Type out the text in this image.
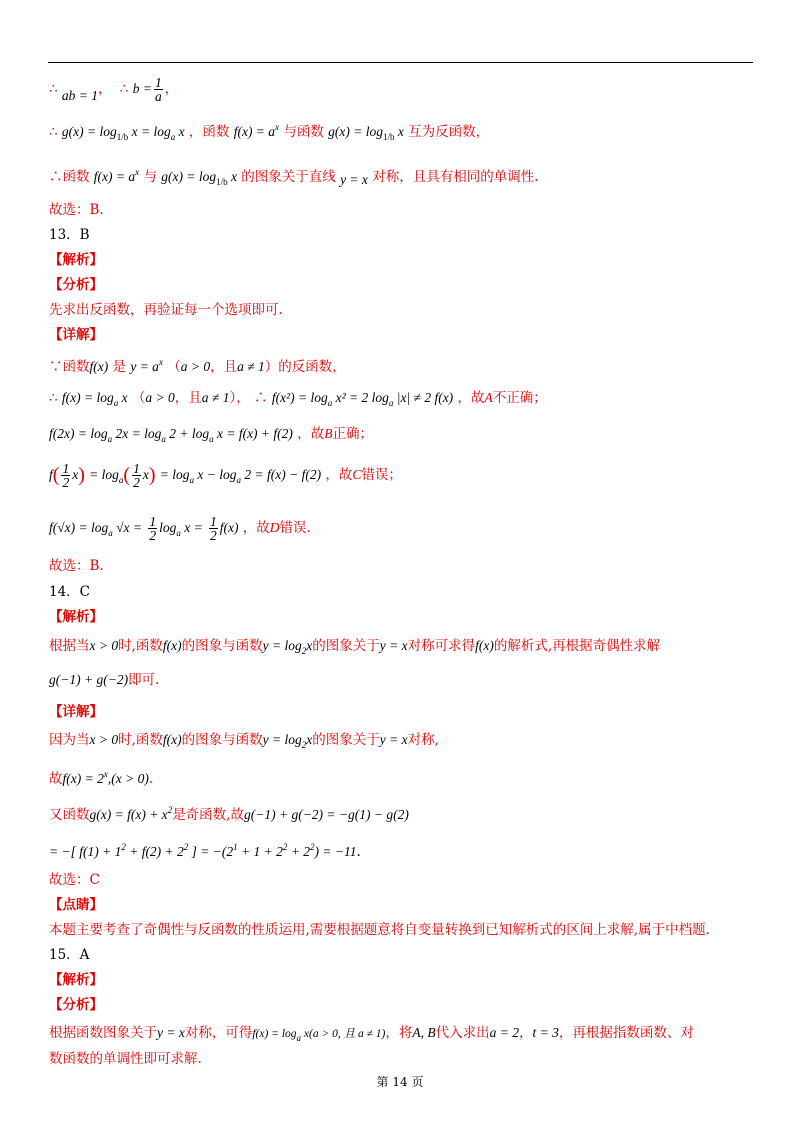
∴ ab = 1， ∴ $b = \frac{1}{a}$ ，
∴ $g(x) = \log_{1/b} x = \log_a x$ ，函数 $f(x) = a^x$ 与函数 $g(x) = \log_{1/b} x$ 互为反函数，
∴函数 $f(x) = a^x$ 与 $g(x) = \log_{1/b} x$ 的图象关于直线 y = x 对称，且具有相同的单调性.
故选：B.
13．B
【解析】
【分析】
先求出反函数，再验证每一个选项即可.
【详解】
∵函数f(x) 是 $y = a^x$ （a > 0，且a ≠ 1）的反函数，
∴ $f(x) = \log_a x$ （a > 0，且a ≠ 1）， ∴ $f(x^2) = \log_a x^2 = 2$ $\log_a |x| \ne 2$ f(x) ，故A不正确；
$f(2x) = \log_a 2x = \log_a 2 + \log_a x = f(x) + f(2)$ ，故B正确；
$f( \frac{1}{2} x) = \log_a( \frac{1}{2} x) = \log_a x - \log_a 2 = f(x) - f(2)$ ，故C错误；
$f(√x) = \log_a √x = \frac{1}{2} \log_a x = \frac{1}{2} f(x)$ ，故D错误.
故选：B.
14．C
【解析】
根据当x > 0时,函数f(x)的图象与函数$y = \log_2x$的图象关于y = x对称可求得f(x)的解析式,再根据奇偶性求解
g(−1) + g(−2)即可.
【详解】
因为当x > 0时,函数f(x)的图象与函数$y = \log_2x$的图象关于y = x对称,
故$f(x) = 2^x,(x > 0)$.
又函数$g(x) = f(x) + x^2$是奇函数,故g(−1) + g(−2) = −g(1) − g(2)
= −[ $f(1) + 1^2 + f(2) + 2^2$ ] = $-(2^1 + 1 + 2^2 + 2^2) = -11$.
故选：C
【点睛】
本题主要考查了奇偶性与反函数的性质运用,需要根据题意将自变量转换到已知解析式的区间上求解,属于中档题.
15．A
【解析】
【分析】
根据函数图象关于y = x对称，可得$f(x) = \log_a x(a > 0$, 且 a ≠ 1)，将A, B代入求出a = 2，t = 3，再根据指数函数、对
数函数的单调性即可求解.
第 14 页
